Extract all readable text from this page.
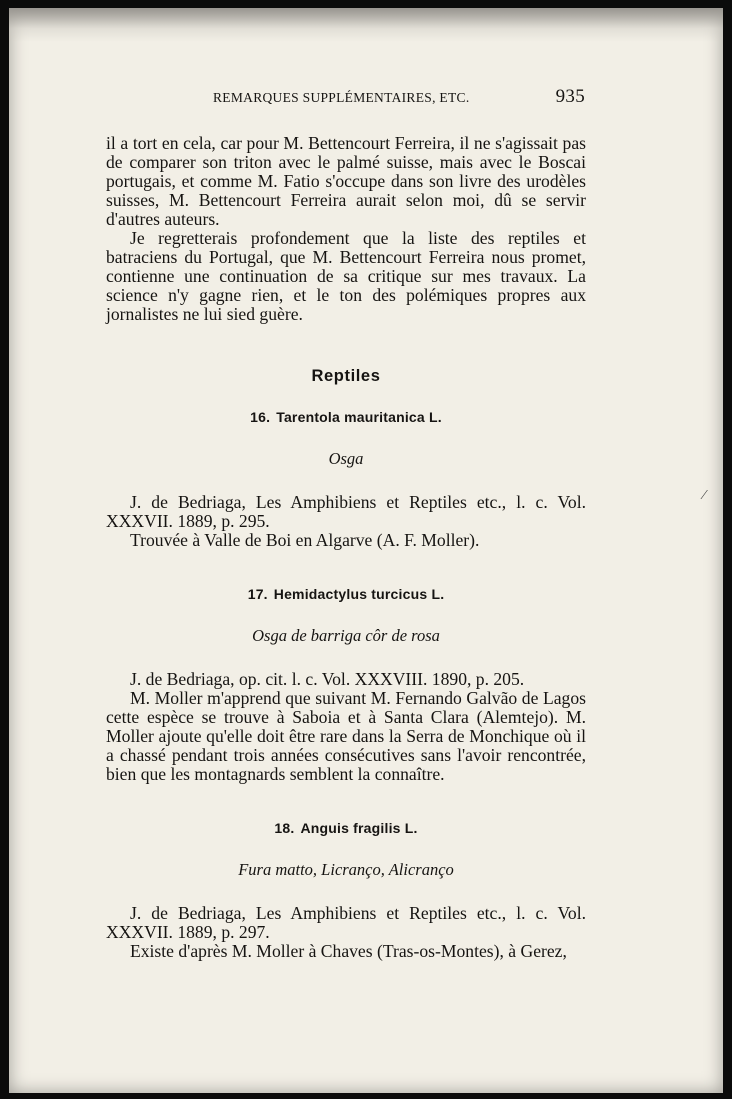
REMARQUES SUPPLÉMENTAIRES, ETC.	935
⁄

il a tort en cela, car pour M. Bettencourt Ferreira, il ne s'agissait pas de comparer son triton avec le palmé suisse, mais avec le Boscai portugais, et comme M. Fatio s'occupe dans son livre des urodèles suisses, M. Bettencourt Ferreira aurait selon moi, dû se servir d'autres auteurs.

Je regretterais profondement que la liste des reptiles et batraciens du Portugal, que M. Bettencourt Ferreira nous promet, contienne une continuation de sa critique sur mes travaux. La science n'y gagne rien, et le ton des polémiques propres aux jornalistes ne lui sied guère.

Reptiles

16. Tarentola mauritanica L.

Osga

J. de Bedriaga, Les Amphibiens et Reptiles etc., l. c. Vol. XXXVII. 1889, p. 295.

Trouvée à Valle de Boi en Algarve (A. F. Moller).

17. Hemidactylus turcicus L.

Osga de barriga côr de rosa

J. de Bedriaga, op. cit. l. c. Vol. XXXVIII. 1890, p. 205.

M. Moller m'apprend que suivant M. Fernando Galvão de Lagos cette espèce se trouve à Saboia et à Santa Clara (Alemtejo). M. Moller ajoute qu'elle doit être rare dans la Serra de Monchique où il a chassé pendant trois années consécutives sans l'avoir rencontrée, bien que les montagnards semblent la connaître.

18. Anguis fragilis L.

Fura matto, Licranço, Alicranço

J. de Bedriaga, Les Amphibiens et Reptiles etc., l. c. Vol. XXXVII. 1889, p. 297.

Existe d'après M. Moller à Chaves (Tras-os-Montes), à Gerez,
